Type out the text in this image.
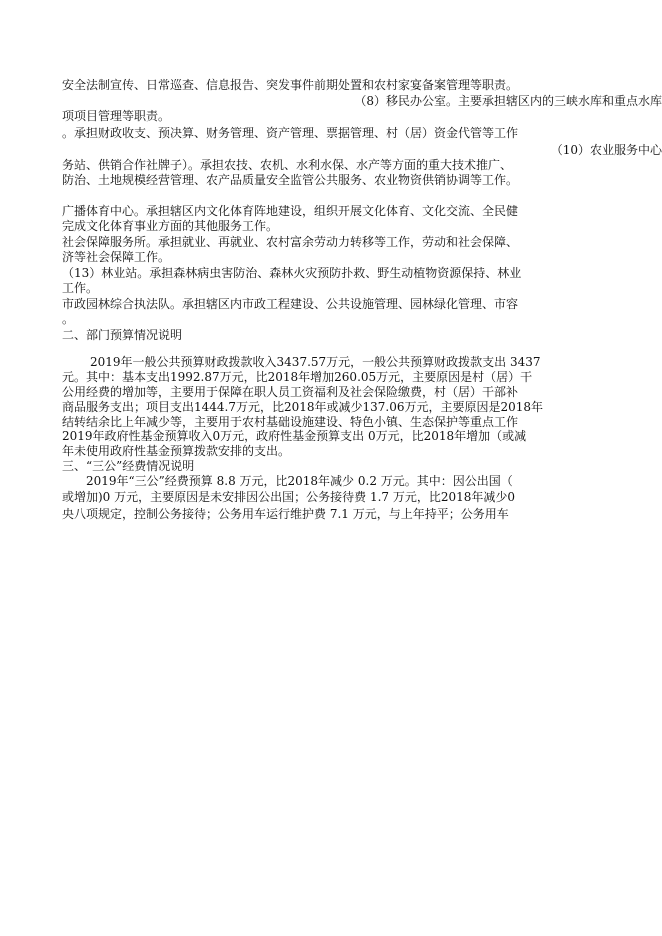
安全法制宣传、日常巡查、信息报告、突发事件前期处置和农村家宴备案管理等职责。
（8）移民办公室。主要承担辖区内的三峡水库和重点水库
项项目管理等职责。
。承担财政收支、预决算、财务管理、资产管理、票据管理、村（居）资金代管等工作
（10）农业服务中心
务站、供销合作社牌子）。承担农技、农机、水利水保、水产等方面的重大技术推广、
防治、土地规模经营管理、农产品质量安全监管公共服务、农业物资供销协调等工作。
广播体育中心。承担辖区内文化体育阵地建设，组织开展文化体育、文化交流、全民健
完成文化体育事业方面的其他服务工作。
社会保障服务所。承担就业、再就业、农村富余劳动力转移等工作，劳动和社会保障、
济等社会保障工作。
（13）林业站。承担森林病虫害防治、森林火灾预防扑救、野生动植物资源保持、林业
工作。
市政园林综合执法队。承担辖区内市政工程建设、公共设施管理、园林绿化管理、市容
。
二、部门预算情况说明
2019年一般公共预算财政拨款收入3437.57万元，一般公共预算财政拨款支出 3437
元。其中：基本支出1992.87万元，比2018年增加260.05万元，主要原因是村（居）干
公用经费的增加等，主要用于保障在职人员工资福利及社会保险缴费，村（居）干部补
商品服务支出；项目支出1444.7万元，比2018年或减少137.06万元，主要原因是2018年
结转结余比上年减少等，主要用于农村基础设施建设、特色小镇、生态保护等重点工作
2019年政府性基金预算收入0万元，政府性基金预算支出 0万元，比2018年增加（或减
年未使用政府性基金预算拨款安排的支出。
三、“三公”经费情况说明
2019年“三公”经费预算 8.8 万元，比2018年减少 0.2 万元。其中：因公出国（
或增加)0 万元，主要原因是未安排因公出国；公务接待费 1.7 万元，比2018年减少0
央八项规定，控制公务接待；公务用车运行维护费 7.1 万元，与上年持平；公务用车
